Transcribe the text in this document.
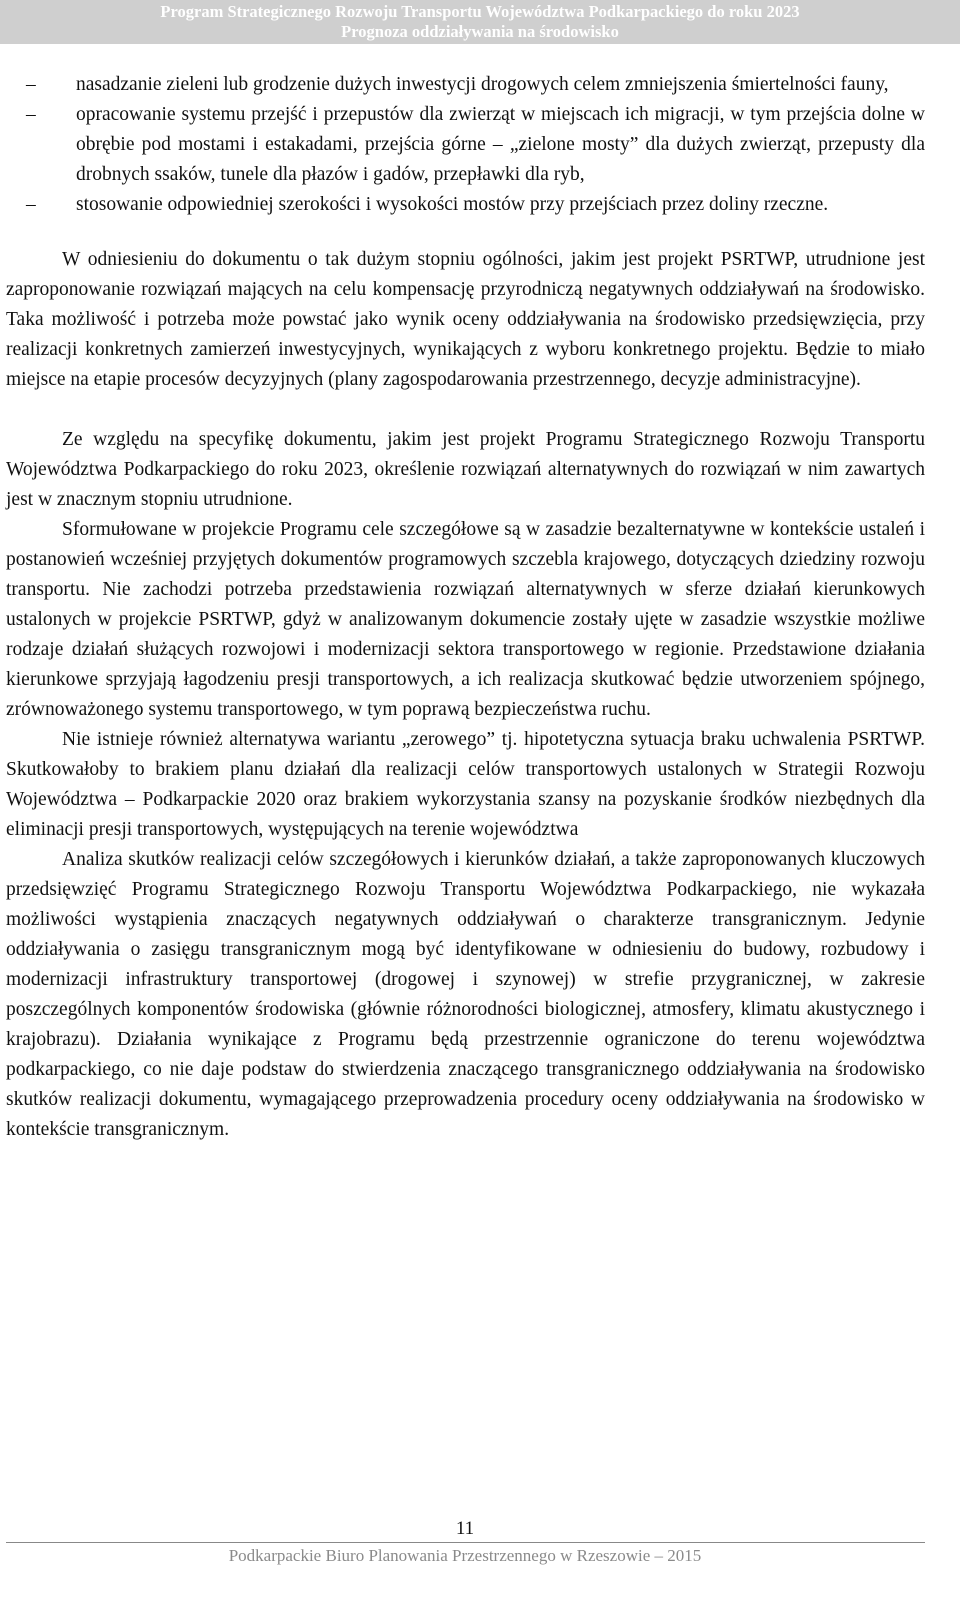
Program Strategicznego Rozwoju Transportu Województwa Podkarpackiego do roku 2023
Prognoza oddziaływania na środowisko
– nasadzanie zieleni lub grodzenie dużych inwestycji drogowych celem zmniejszenia śmiertelności fauny,
– opracowanie systemu przejść i przepustów dla zwierząt w miejscach ich migracji, w tym przejścia dolne w obrębie pod mostami i estakadami, przejścia górne – „zielone mosty” dla dużych zwierząt, przepusty dla drobnych ssaków, tunele dla płazów i gadów, przepławki dla ryb,
– stosowanie odpowiedniej szerokości i wysokości mostów przy przejściach przez doliny rzeczne.

W odniesieniu do dokumentu o tak dużym stopniu ogólności, jakim jest projekt PSRTWP, utrudnione jest zaproponowanie rozwiązań mających na celu kompensację przyrodniczą negatywnych oddziaływań na środowisko. Taka możliwość i potrzeba może powstać jako wynik oceny oddziaływania na środowisko przedsięwzięcia, przy realizacji konkretnych zamierzeń inwestycyjnych, wynikających z wyboru konkretnego projektu. Będzie to miało miejsce na etapie procesów decyzyjnych (plany zagospodarowania przestrzennego, decyzje administracyjne).

Ze względu na specyfikę dokumentu, jakim jest projekt Programu Strategicznego Rozwoju Transportu Województwa Podkarpackiego do roku 2023, określenie rozwiązań alternatywnych do rozwiązań w nim zawartych jest w znacznym stopniu utrudnione.

Sformułowane w projekcie Programu cele szczegółowe są w zasadzie bezalternatywne w kontekście ustaleń i postanowień wcześniej przyjętych dokumentów programowych szczebla krajowego, dotyczących dziedziny rozwoju transportu. Nie zachodzi potrzeba przedstawienia rozwiązań alternatywnych w sferze działań kierunkowych ustalonych w projekcie PSRTWP, gdyż w analizowanym dokumencie zostały ujęte w zasadzie wszystkie możliwe rodzaje działań służących rozwojowi i modernizacji sektora transportowego w regionie. Przedstawione działania kierunkowe sprzyjają łagodzeniu presji transportowych, a ich realizacja skutkować będzie utworzeniem spójnego, zrównoważonego systemu transportowego, w tym poprawą bezpieczeństwa ruchu.

Nie istnieje również alternatywa wariantu „zerowego” tj. hipotetyczna sytuacja braku uchwalenia PSRTWP. Skutkowałoby to brakiem planu działań dla realizacji celów transportowych ustalonych w Strategii Rozwoju Województwa – Podkarpackie 2020 oraz brakiem wykorzystania szansy na pozyskanie środków niezbędnych dla eliminacji presji transportowych, występujących na terenie województwa

Analiza skutków realizacji celów szczegółowych i kierunków działań, a także zaproponowanych kluczowych przedsięwzięć Programu Strategicznego Rozwoju Transportu Województwa Podkarpackiego, nie wykazała możliwości wystąpienia znaczących negatywnych oddziaływań o charakterze transgranicznym. Jedynie oddziaływania o zasięgu transgranicznym mogą być identyfikowane w odniesieniu do budowy, rozbudowy i modernizacji infrastruktury transportowej (drogowej i szynowej) w strefie przygranicznej, w zakresie poszczególnych komponentów środowiska (głównie różnorodności biologicznej, atmosfery, klimatu akustycznego i krajobrazu). Działania wynikające z Programu będą przestrzennie ograniczone do terenu województwa podkarpackiego, co nie daje podstaw do stwierdzenia znaczącego transgranicznego oddziaływania na środowisko skutków realizacji dokumentu, wymagającego przeprowadzenia procedury oceny oddziaływania na środowisko w kontekście transgranicznym.

11
Podkarpackie Biuro Planowania Przestrzennego w Rzeszowie – 2015
